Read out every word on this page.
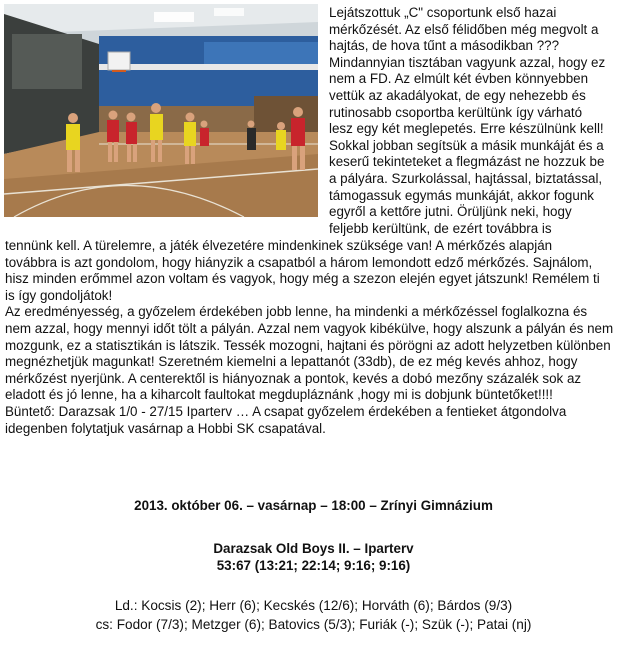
Lejátszottuk „C" csoportunk első hazai
mérkőzését. Az első félidőben még megvolt a
hajtás, de hova tűnt a másodikban ???
Mindannyian tisztában vagyunk azzal, hogy ez
nem a FD. Az elmúlt két évben könnyebben
vettük az akadályokat, de egy nehezebb és
rutinosabb csoportba kerültünk így várható
lesz egy két meglepetés. Erre készülnünk kell!
Sokkal jobban segítsük a másik munkáját és a
keserű tekinteteket a flegmázást ne hozzuk be
a pályára. Szurkolással, hajtással, biztatással,
támogassuk egymás munkáját, akkor fogunk
egyről a kettőre jutni. Örüljünk neki, hogy
feljebb kerültünk, de ezért továbbra is
tennünk kell. A türelemre, a játék élvezetére mindenkinek szüksége van! A mérkőzés alapján
továbbra is azt gondolom, hogy hiányzik a csapatból a három lemondott edző mérkőzés. Sajnálom,
hisz minden erőmmel azon voltam és vagyok, hogy még a szezon elején egyet játszunk! Remélem ti
is így gondoljátok!
Az eredményesség, a győzelem érdekében jobb lenne, ha mindenki a mérkőzéssel foglalkozna és
nem azzal, hogy mennyi időt tölt a pályán. Azzal nem vagyok kibékülve, hogy alszunk a pályán és nem
mozgunk, ez a statisztikán is látszik. Tessék mozogni, hajtani és pörögni az adott helyzetben különben
megnézhetjük magunkat! Szeretném kiemelni a lepattanót (33db), de ez még kevés ahhoz, hogy
mérkőzést nyerjünk. A centerektől is hiányoznak a pontok, kevés a dobó mezőny százalék sok az
eladott és jó lenne, ha a kiharcolt faultokat megdupláznánk ,hogy mi is dobjunk büntetőket!!!!
Büntető: Darazsak 1/0 - 27/15 Iparterv … A csapat győzelem érdekében a fentieket átgondolva
idegenben folytatjuk vasárnap a Hobbi SK csapatával.
2013. október 06. – vasárnap – 18:00 – Zrínyi Gimnázium
Darazsak Old Boys II. – Iparterv
53:67 (13:21; 22:14; 9:16; 9:16)
Ld.: Kocsis (2); Herr (6); Kecskés (12/6); Horváth (6); Bárdos (9/3)
cs: Fodor (7/3); Metzger (6); Batovics (5/3); Furiák (-); Szük (-); Patai (nj)
